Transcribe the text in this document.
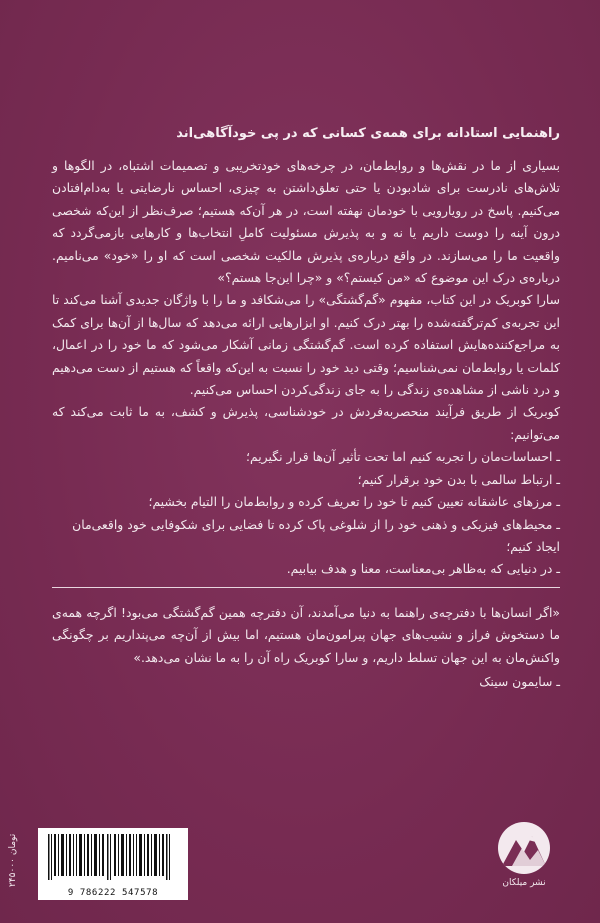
راهنمایی استادانه برای همه‌ی کسانی که در پی خودآگاهی‌اند

بسیاری از ما در نقش‌ها و روابط‌مان، در چرخه‌های خودتخریبی و تصمیمات اشتباه، در الگوها و تلاش‌های نادرست برای شادبودن یا حتی تعلق‌داشتن به چیزی، احساس نارضایتی یا به‌دام‌افتادن می‌کنیم. پاسخ در رویارویی با خودمان نهفته است، در هر آن‌که هستیم؛ صرف‌نظر از این‌که شخصی درون آینه را دوست داریم یا نه و به پذیرش مسئولیت کاملِ انتخاب‌ها و کارهایی بازمی‌گردد که واقعیت ما را می‌سازند. در واقع درباره‌ی پذیرش مالکیت شخصی است که او را «خود» می‌نامیم. درباره‌ی درک این موضوع که «من کیستم؟» و «چرا این‌جا هستم؟»

سارا کوبریک در این کتاب، مفهوم «گم‌گشتگی» را می‌شکافد و ما را با واژگان جدیدی آشنا می‌کند تا این تجربه‌ی کم‌ترگفته‌شده را بهتر درک کنیم. او ابزارهایی ارائه می‌دهد که سال‌ها از آن‌ها برای کمک به مراجع‌کننده‌هایش استفاده کرده است. گم‌گشتگی زمانی آشکار می‌شود که ما خود را در اعمال، کلمات یا روابط‌مان نمی‌شناسیم؛ وقتی دید خود را نسبت به این‌که واقعاً که هستیم از دست می‌دهیم و درد ناشی از مشاهده‌ی زندگی را به جای زندگی‌کردن احساس می‌کنیم.

کوبریک از طریق فرآیند منحصربه‌فردش در خودشناسی، پذیرش و کشف، به ما ثابت می‌کند که می‌توانیم:

ـ احساسات‌مان را تجربه کنیم اما تحت تأثیر آن‌ها قرار نگیریم؛
ـ ارتباط سالمی با بدن خود برقرار کنیم؛
ـ مرزهای عاشقانه تعیین کنیم تا خود را تعریف کرده و روابط‌مان را التیام بخشیم؛
ـ محیط‌های فیزیکی و ذهنی خود را از شلوغی پاک کرده تا فضایی برای شکوفایی خود واقعی‌مان ایجاد کنیم؛
ـ در دنیایی که به‌ظاهر بی‌معناست، معنا و هدف بیابیم.

«اگر انسان‌ها با دفترچه‌ی راهنما به دنیا می‌آمدند، آن دفترچه همین گم‌گشتگی می‌بود! اگرچه همه‌ی ما دستخوش فراز و نشیب‌های جهان پیرامون‌مان هستیم، اما بیش از آن‌چه می‌پنداریم بر چگونگی واکنش‌مان به این جهان تسلط داریم، و سارا کوبریک راه آن را به ما نشان می‌دهد.»

ـ سایمون سینک
۲۴۵۰۰۰ تومان
9 786222 547578
نشر میلکان
